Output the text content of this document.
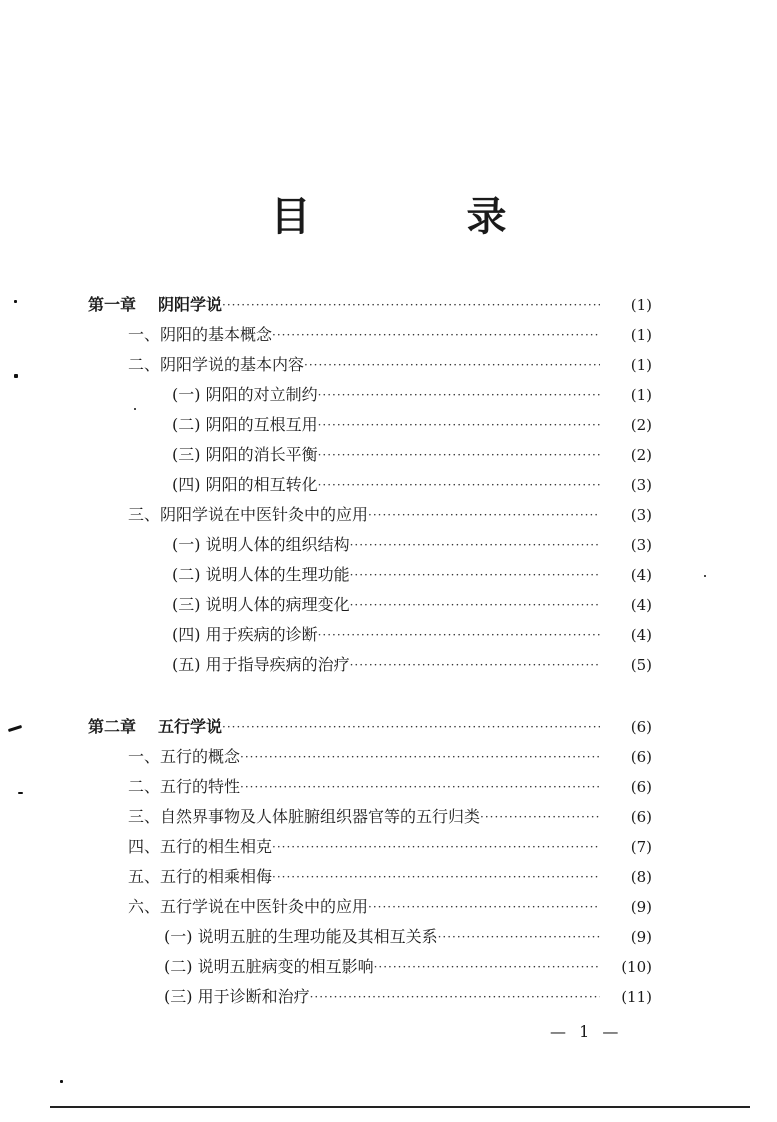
目　录
第一章 阴阳学说 ·····	(1)
一、阴阳的基本概念 ·····	(1)
二、阴阳学说的基本内容 ·····	(1)
(一) 阴阳的对立制约 ·····	(1)
(二) 阴阳的互根互用 ·····	(2)
(三) 阴阳的消长平衡 ·····	(2)
(四) 阴阳的相互转化 ·····	(3)
三、阴阳学说在中医针灸中的应用 ·····	(3)
(一) 说明人体的组织结构 ·····	(3)
(二) 说明人体的生理功能 ·····	(4)
(三) 说明人体的病理变化 ·····	(4)
(四) 用于疾病的诊断 ·····	(4)
(五) 用于指导疾病的治疗 ·····	(5)
第二章 五行学说 ·····	(6)
一、五行的概念 ·····	(6)
二、五行的特性 ·····	(6)
三、自然界事物及人体脏腑组织器官等的五行归类 ·····	(6)
四、五行的相生相克 ·····	(7)
五、五行的相乘相侮 ·····	(8)
六、五行学说在中医针灸中的应用 ·····	(9)
(一) 说明五脏的生理功能及其相互关系 ·····	(9)
(二) 说明五脏病变的相互影响 ·····	(10)
(三) 用于诊断和治疗 ·····	(11)
— 1 —
